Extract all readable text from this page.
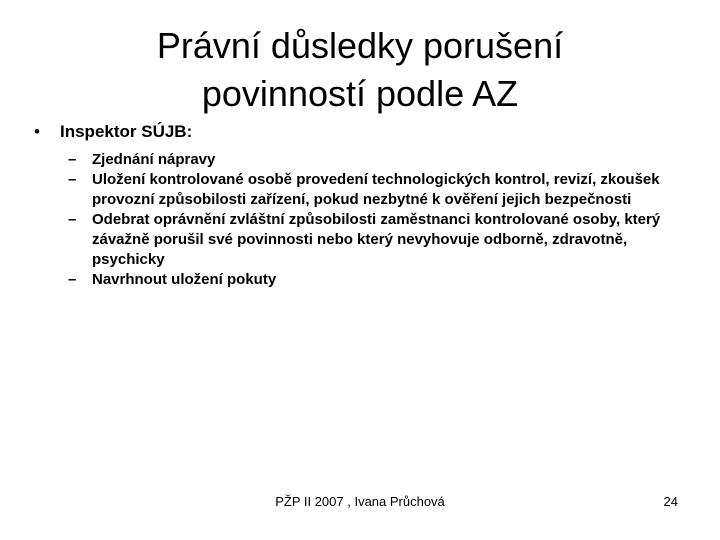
Právní důsledky porušení
povinností podle AZ
• Inspektor SÚJB:
– Zjednání nápravy
– Uložení kontrolované osobě provedení technologických kontrol, revizí, zkoušek provozní způsobilosti zařízení, pokud nezbytné k ověření jejich bezpečnosti
– Odebrat oprávnění zvláštní způsobilosti zaměstnanci kontrolované osoby, který závažně porušil své povinnosti nebo který nevyhovuje odborně, zdravotně, psychicky
– Navrhnout uložení pokuty
PŽP II 2007 , Ivana Průchová	24
